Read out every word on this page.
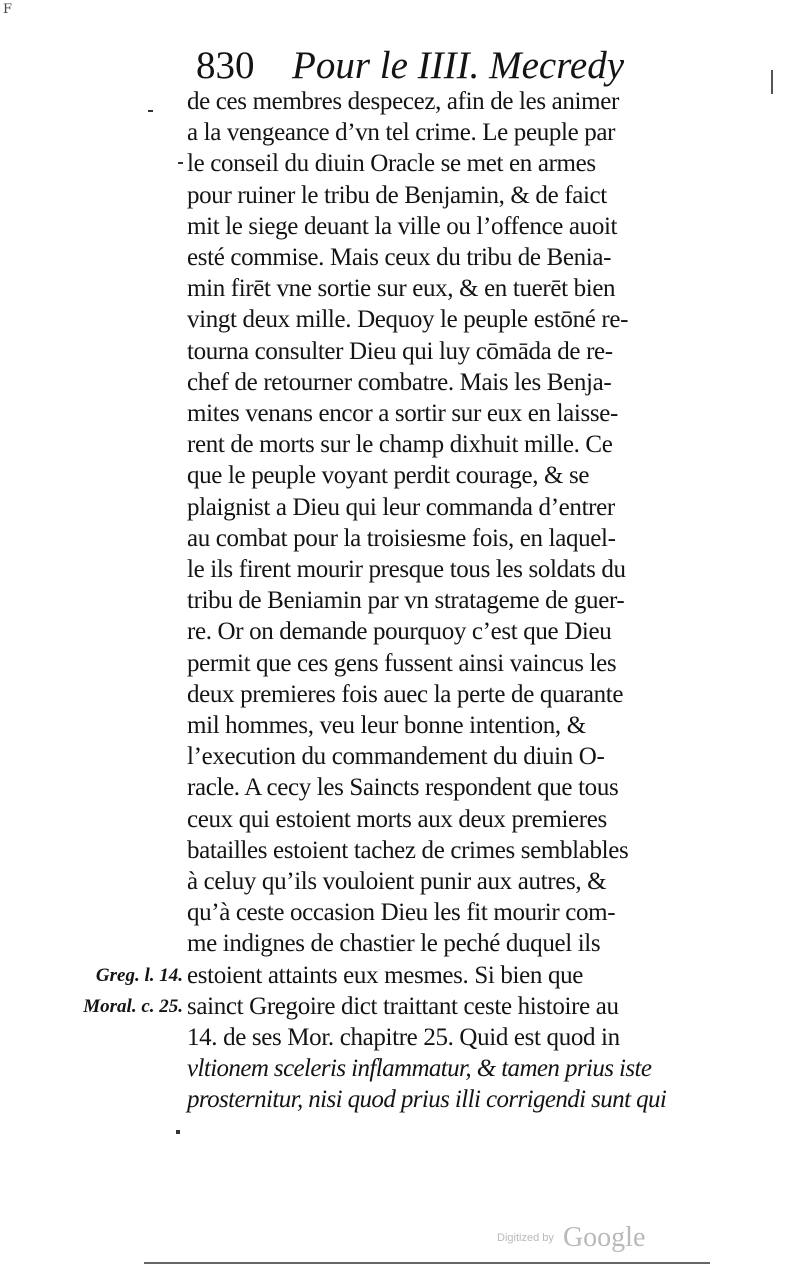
F
830 Pour le IIII. Mecredy
de ces membres despecez, afin de les animer
a la vengeance d’vn tel crime. Le peuple par
le conseil du diuin Oracle se met en armes
pour ruiner le tribu de Benjamin, & de faict
mit le siege deuant la ville ou l’offence auoit
esté commise. Mais ceux du tribu de Benia-
min firēt vne sortie sur eux, & en tuerēt bien
vingt deux mille. Dequoy le peuple estōné re-
tourna consulter Dieu qui luy cōmāda de re-
chef de retourner combatre. Mais les Benja-
mites venans encor a sortir sur eux en laisse-
rent de morts sur le champ dixhuit mille. Ce
que le peuple voyant perdit courage, & se
plaignist a Dieu qui leur commanda d’entrer
au combat pour la troisiesme fois, en laquel-
le ils firent mourir presque tous les soldats du
tribu de Beniamin par vn stratageme de guer-
re. Or on demande pourquoy c’est que Dieu
permit que ces gens fussent ainsi vaincus les
deux premieres fois auec la perte de quarante
mil hommes, veu leur bonne intention, &
l’execution du commandement du diuin O-
racle. A cecy les Saincts respondent que tous
ceux qui estoient morts aux deux premieres
batailles estoient tachez de crimes semblables
à celuy qu’ils vouloient punir aux autres, &
qu’à ceste occasion Dieu les fit mourir com-
me indignes de chastier le peché duquel ils
estoient attaints eux mesmes. Si bien que
sainct Gregoire dict traittant ceste histoire au
14. de ses Mor. chapitre 25. Quid est quod in
vltionem sceleris inflammatur, & tamen prius iste
prosternitur, nisi quod prius illi corrigendi sunt qui
Greg. l. 14.
Moral. c. 25.
Digitized by Google
